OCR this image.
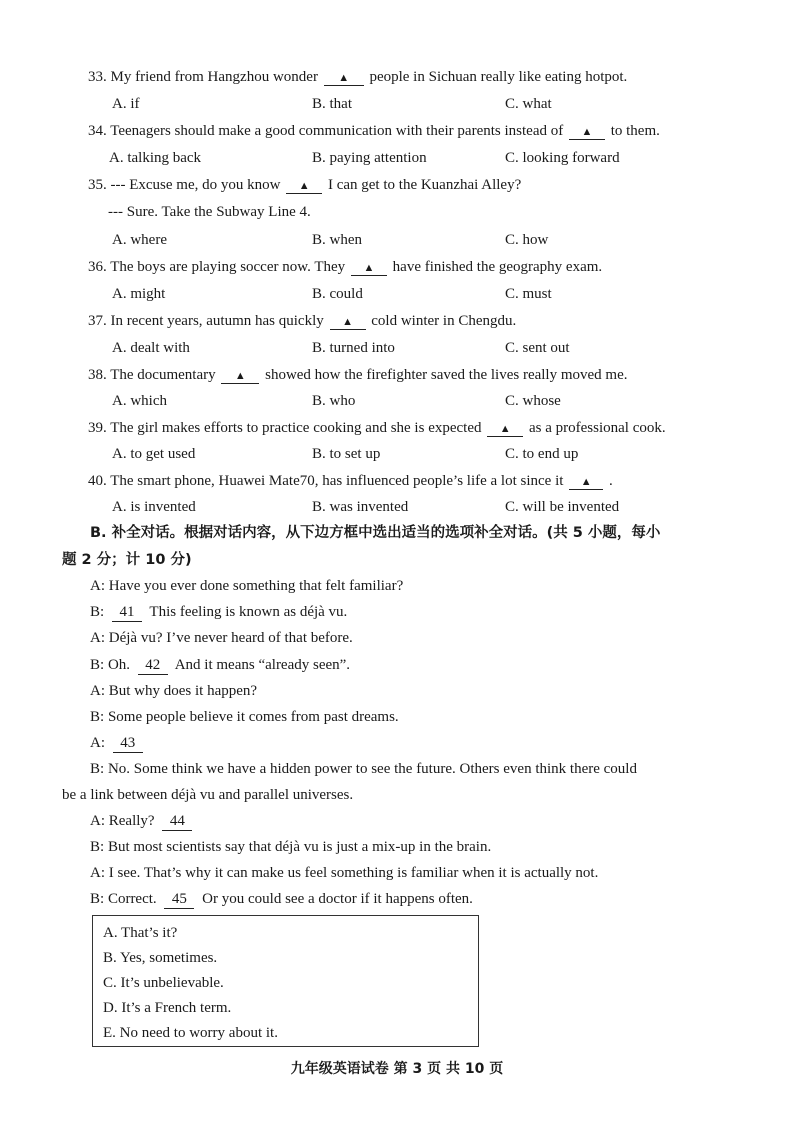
33. My friend from Hangzhou wonder ▲ people in Sichuan really like eating hotpot.
A. if	B. that	C. what
34. Teenagers should make a good communication with their parents instead of ▲ to them.
A. talking back	B. paying attention	C. looking forward
35. --- Excuse me, do you know ▲ I can get to the Kuanzhai Alley?
--- Sure. Take the Subway Line 4.
A. where	B. when	C. how
36. The boys are playing soccer now. They ▲ have finished the geography exam.
A. might	B. could	C. must
37. In recent years, autumn has quickly ▲ cold winter in Chengdu.
A. dealt with	B. turned into	C. sent out
38. The documentary ▲ showed how the firefighter saved the lives really moved me.
A. which	B. who	C. whose
39. The girl makes efforts to practice cooking and she is expected ▲ as a professional cook.
A. to get used	B. to set up	C. to end up
40. The smart phone, Huawei Mate70, has influenced people’s life a lot since it ▲ .
A. is invented	B. was invented	C. will be invented
B. 补全对话。根据对话内容，从下边方框中选出适当的选项补全对话。(共 5 小题，每小
题 2 分；计 10 分)
A: Have you ever done something that felt familiar?
B: 41 This feeling is known as déjà vu.
A: Déjà vu? I’ve never heard of that before.
B: Oh. 42 And it means “already seen”.
A: But why does it happen?
B: Some people believe it comes from past dreams.
A: 43
B: No. Some think we have a hidden power to see the future. Others even think there could
be a link between déjà vu and parallel universes.
A: Really? 44
B: But most scientists say that déjà vu is just a mix-up in the brain.
A: I see. That’s why it can make us feel something is familiar when it is actually not.
B: Correct. 45 Or you could see a doctor if it happens often.
A. That’s it?
B. Yes, sometimes.
C. It’s unbelievable.
D. It’s a French term.
E. No need to worry about it.
九年级英语试卷 第 3 页 共 10 页
